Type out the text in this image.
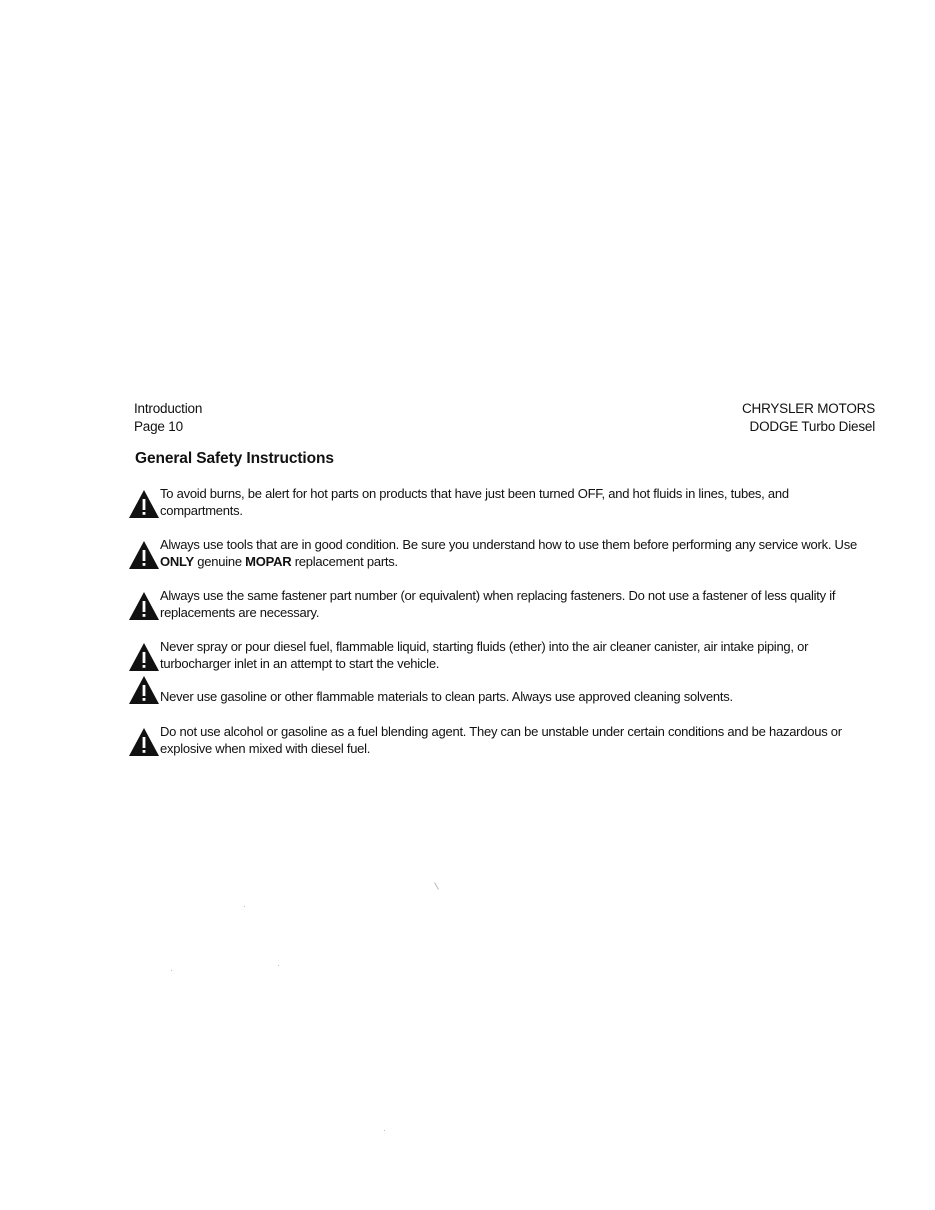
Introduction
Page 10
CHRYSLER MOTORS
DODGE Turbo Diesel
General Safety Instructions

To avoid burns, be alert for hot parts on products that have just been turned OFF, and hot fluids in lines, tubes, and compartments.

Always use tools that are in good condition. Be sure you understand how to use them before performing any service work. Use ONLY genuine MOPAR replacement parts.

Always use the same fastener part number (or equivalent) when replacing fasteners. Do not use a fastener of less quality if replacements are necessary.

Never spray or pour diesel fuel, flammable liquid, starting fluids (ether) into the air cleaner canister, air intake piping, or turbocharger inlet in an attempt to start the vehicle.

Never use gasoline or other flammable materials to clean parts. Always use approved cleaning solvents.

Do not use alcohol or gasoline as a fuel blending agent. They can be unstable under certain conditions and be hazardous or explosive when mixed with diesel fuel.
